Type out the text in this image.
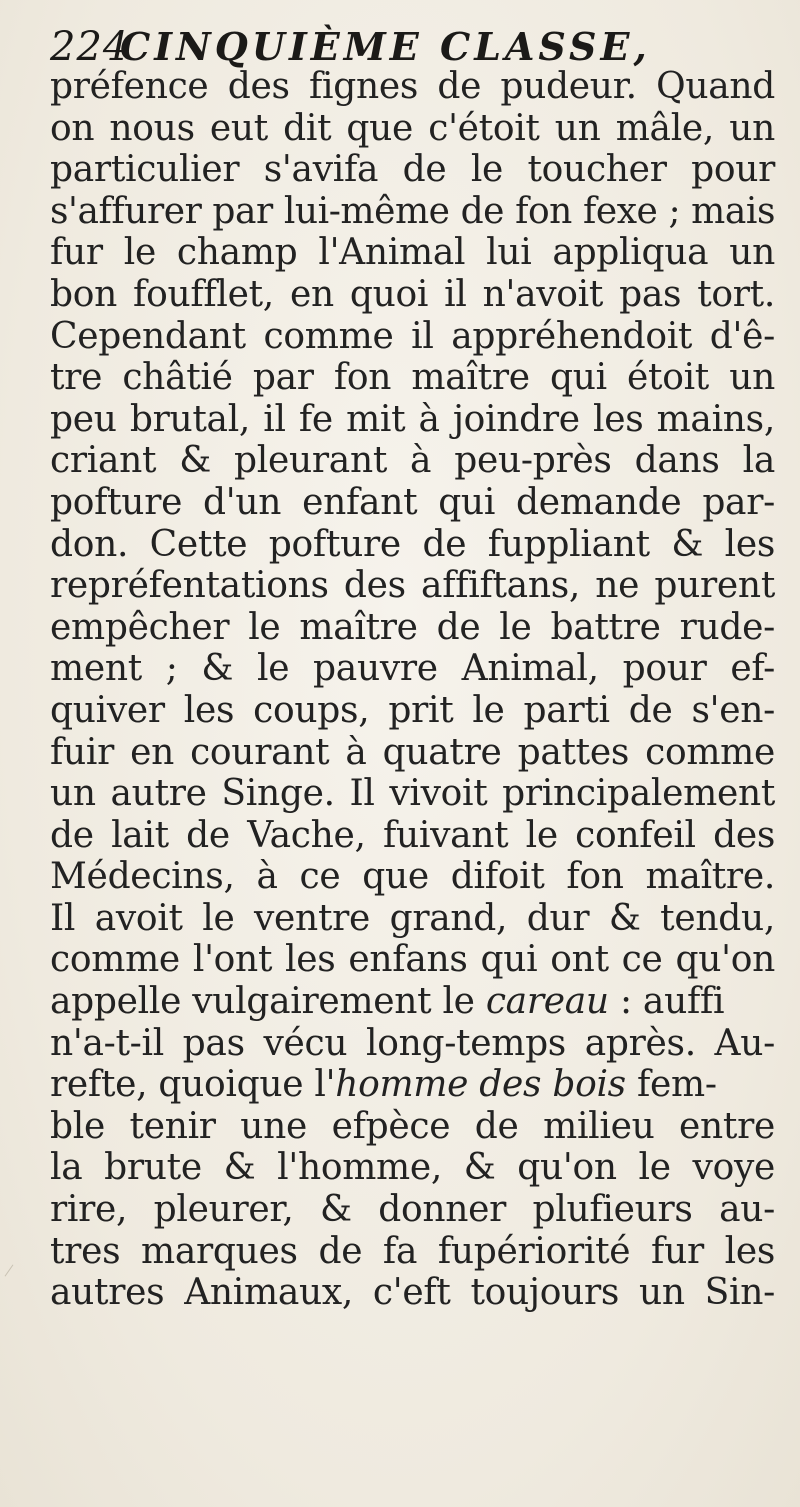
224
CINQUIÈME CLASSE,
préfence des fignes de pudeur. Quand
on nous eut dit que c'étoit un mâle, un
particulier s'avifa de le toucher pour
s'affurer par lui-même de fon fexe ; mais
fur le champ l'Animal lui appliqua un
bon foufflet, en quoi il n'avoit pas tort.
Cependant comme il appréhendoit d'ê-
tre châtié par fon maître qui étoit un
peu brutal, il fe mit à joindre les mains,
criant & pleurant à peu-près dans la
pofture d'un enfant qui demande par-
don. Cette pofture de fuppliant & les
repréfentations des affiftans, ne purent
empêcher le maître de le battre rude-
ment ; & le pauvre Animal, pour ef-
quiver les coups, prit le parti de s'en-
fuir en courant à quatre pattes comme
un autre Singe. Il vivoit principalement
de lait de Vache, fuivant le confeil des
Médecins, à ce que difoit fon maître.
Il avoit le ventre grand, dur & tendu,
comme l'ont les enfans qui ont ce qu'on
appelle vulgairement le careau : auffi
n'a-t-il pas vécu long-temps après. Au-
refte, quoique l'homme des bois fem-
ble tenir une efpèce de milieu entre
la brute & l'homme, & qu'on le voye
rire, pleurer, & donner plufieurs au-
tres marques de fa fupériorité fur les
autres Animaux, c'eft toujours un Sin-
